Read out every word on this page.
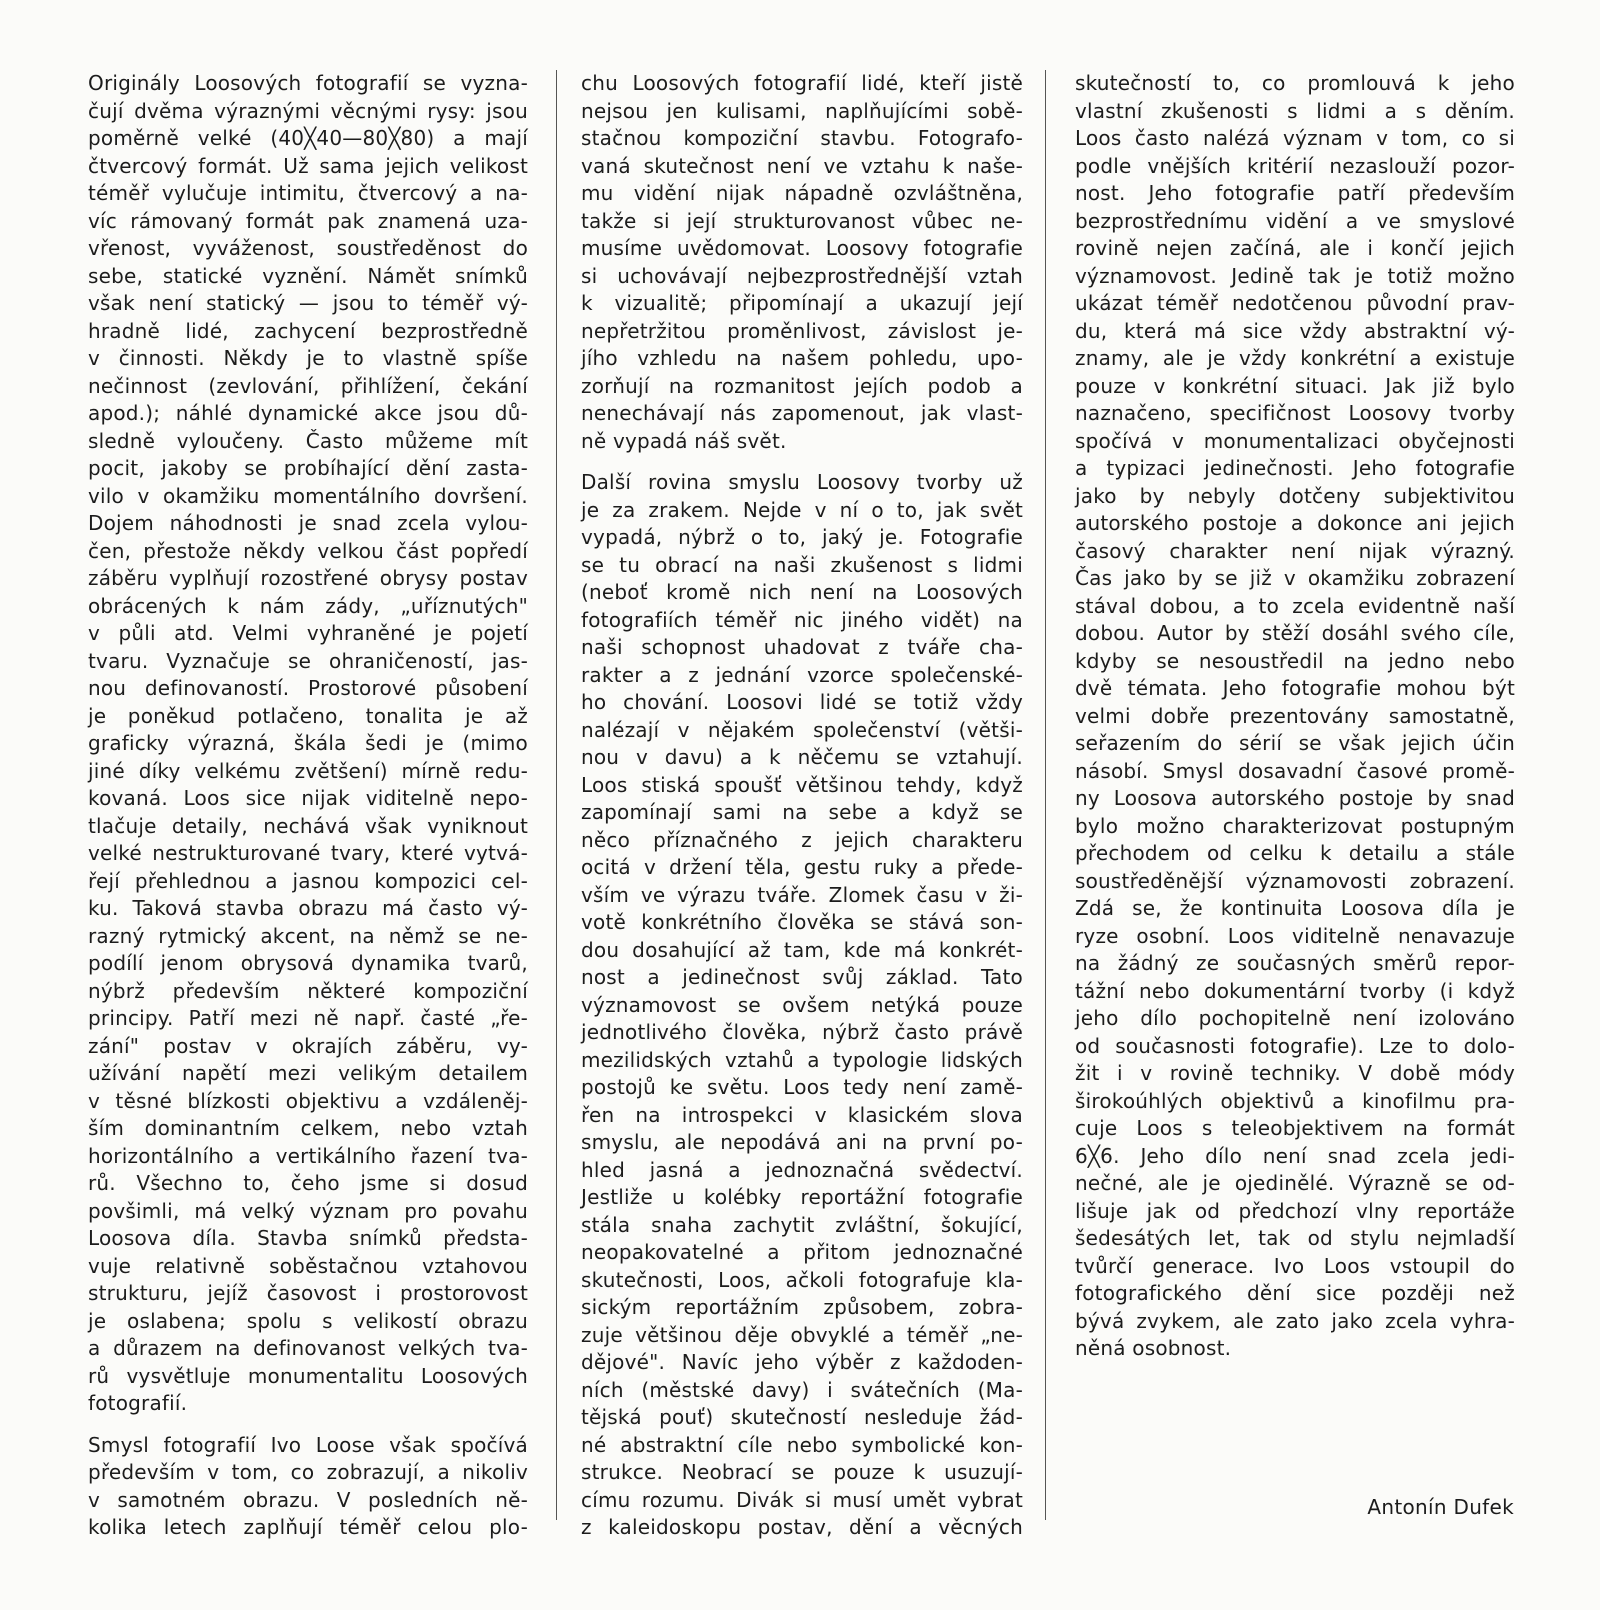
Originály Loosových fotografií se vyzna-
čují dvěma výraznými věcnými rysy: jsou
poměrně velké (40╳40—80╳80) a mají
čtvercový formát. Už sama jejich velikost
téměř vylučuje intimitu, čtvercový a na-
víc rámovaný formát pak znamená uza-
vřenost, vyváženost, soustředěnost do
sebe, statické vyznění. Námět snímků
však není statický — jsou to téměř vý-
hradně lidé, zachycení bezprostředně
v činnosti. Někdy je to vlastně spíše
nečinnost (zevlování, přihlížení, čekání
apod.); náhlé dynamické akce jsou dů-
sledně vyloučeny. Často můžeme mít
pocit, jakoby se probíhající dění zasta-
vilo v okamžiku momentálního dovršení.
Dojem náhodnosti je snad zcela vylou-
čen, přestože někdy velkou část popředí
záběru vyplňují rozostřené obrysy postav
obrácených k nám zády, „uříznutých"
v půli atd. Velmi vyhraněné je pojetí
tvaru. Vyznačuje se ohraničeností, jas-
nou definovaností. Prostorové působení
je poněkud potlačeno, tonalita je až
graficky výrazná, škála šedi je (mimo
jiné díky velkému zvětšení) mírně redu-
kovaná. Loos sice nijak viditelně nepo-
tlačuje detaily, nechává však vyniknout
velké nestrukturované tvary, které vytvá-
řejí přehlednou a jasnou kompozici cel-
ku. Taková stavba obrazu má často vý-
razný rytmický akcent, na němž se ne-
podílí jenom obrysová dynamika tvarů,
nýbrž především některé kompoziční
principy. Patří mezi ně např. časté „ře-
zání" postav v okrajích záběru, vy-
užívání napětí mezi velikým detailem
v těsné blízkosti objektivu a vzdáleněj-
ším dominantním celkem, nebo vztah
horizontálního a vertikálního řazení tva-
rů. Všechno to, čeho jsme si dosud
povšimli, má velký význam pro povahu
Loosova díla. Stavba snímků předsta-
vuje relativně soběstačnou vztahovou
strukturu, jejíž časovost i prostorovost
je oslabena; spolu s velikostí obrazu
a důrazem na definovanost velkých tva-
rů vysvětluje monumentalitu Loosových
fotografií.
Smysl fotografií Ivo Loose však spočívá
především v tom, co zobrazují, a nikoliv
v samotném obrazu. V posledních ně-
kolika letech zaplňují téměř celou plo-
chu Loosových fotografií lidé, kteří jistě
nejsou jen kulisami, naplňujícími sobě-
stačnou kompoziční stavbu. Fotografo-
vaná skutečnost není ve vztahu k naše-
mu vidění nijak nápadně ozvláštněna,
takže si její strukturovanost vůbec ne-
musíme uvědomovat. Loosovy fotografie
si uchovávají nejbezprostřednější vztah
k vizualitě; připomínají a ukazují její
nepřetržitou proměnlivost, závislost je-
jího vzhledu na našem pohledu, upo-
zorňují na rozmanitost jejích podob a
nenechávají nás zapomenout, jak vlast-
ně vypadá náš svět.
Další rovina smyslu Loosovy tvorby už
je za zrakem. Nejde v ní o to, jak svět
vypadá, nýbrž o to, jaký je. Fotografie
se tu obrací na naši zkušenost s lidmi
(neboť kromě nich není na Loosových
fotografiích téměř nic jiného vidět) na
naši schopnost uhadovat z tváře cha-
rakter a z jednání vzorce společenské-
ho chování. Loosovi lidé se totiž vždy
nalézají v nějakém společenství (větši-
nou v davu) a k něčemu se vztahují.
Loos stiská spoušť většinou tehdy, když
zapomínají sami na sebe a když se
něco příznačného z jejich charakteru
ocitá v držení těla, gestu ruky a přede-
vším ve výrazu tváře. Zlomek času v ži-
votě konkrétního člověka se stává son-
dou dosahující až tam, kde má konkrét-
nost a jedinečnost svůj základ. Tato
významovost se ovšem netýká pouze
jednotlivého člověka, nýbrž často právě
mezilidských vztahů a typologie lidských
postojů ke světu. Loos tedy není zamě-
řen na introspekci v klasickém slova
smyslu, ale nepodává ani na první po-
hled jasná a jednoznačná svědectví.
Jestliže u kolébky reportážní fotografie
stála snaha zachytit zvláštní, šokující,
neopakovatelné a přitom jednoznačné
skutečnosti, Loos, ačkoli fotografuje kla-
sickým reportážním způsobem, zobra-
zuje většinou děje obvyklé a téměř „ne-
dějové". Navíc jeho výběr z každoden-
ních (městské davy) i svátečních (Ma-
tějská pouť) skutečností nesleduje žád-
né abstraktní cíle nebo symbolické kon-
strukce. Neobrací se pouze k usuzují-
címu rozumu. Divák si musí umět vybrat
z kaleidoskopu postav, dění a věcných
skutečností to, co promlouvá k jeho
vlastní zkušenosti s lidmi a s děním.
Loos často nalézá význam v tom, co si
podle vnějších kritérií nezaslouží pozor-
nost. Jeho fotografie patří především
bezprostřednímu vidění a ve smyslové
rovině nejen začíná, ale i končí jejich
významovost. Jedině tak je totiž možno
ukázat téměř nedotčenou původní prav-
du, která má sice vždy abstraktní vý-
znamy, ale je vždy konkrétní a existuje
pouze v konkrétní situaci. Jak již bylo
naznačeno, specifičnost Loosovy tvorby
spočívá v monumentalizaci obyčejnosti
a typizaci jedinečnosti. Jeho fotografie
jako by nebyly dotčeny subjektivitou
autorského postoje a dokonce ani jejich
časový charakter není nijak výrazný.
Čas jako by se již v okamžiku zobrazení
stával dobou, a to zcela evidentně naší
dobou. Autor by stěží dosáhl svého cíle,
kdyby se nesoustředil na jedno nebo
dvě témata. Jeho fotografie mohou být
velmi dobře prezentovány samostatně,
seřazením do sérií se však jejich účin
násobí. Smysl dosavadní časové promě-
ny Loosova autorského postoje by snad
bylo možno charakterizovat postupným
přechodem od celku k detailu a stále
soustředěnější významovosti zobrazení.
Zdá se, že kontinuita Loosova díla je
ryze osobní. Loos viditelně nenavazuje
na žádný ze současných směrů repor-
tážní nebo dokumentární tvorby (i když
jeho dílo pochopitelně není izolováno
od současnosti fotografie). Lze to dolo-
žit i v rovině techniky. V době módy
širokoúhlých objektivů a kinofilmu pra-
cuje Loos s teleobjektivem na formát
6╳6. Jeho dílo není snad zcela jedi-
nečné, ale je ojedinělé. Výrazně se od-
lišuje jak od předchozí vlny reportáže
šedesátých let, tak od stylu nejmladší
tvůrčí generace. Ivo Loos vstoupil do
fotografického dění sice později než
bývá zvykem, ale zato jako zcela vyhra-
něná osobnost.
Antonín Dufek
